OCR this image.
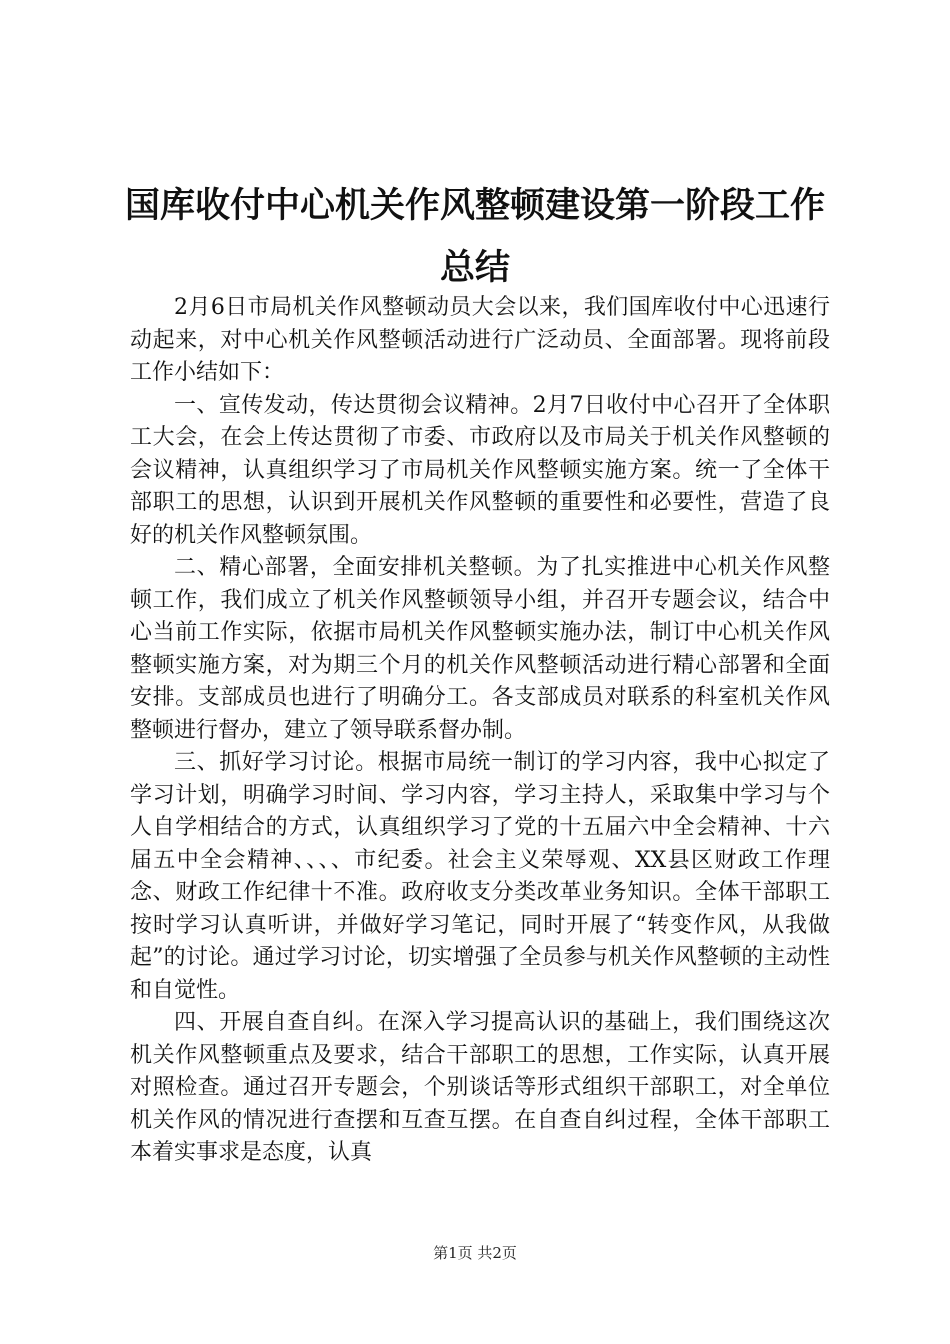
国库收付中心机关作风整顿建设第一阶段工作
总结

2月6日市局机关作风整顿动员大会以来，我们国库收付中心迅速行动起来，对中心机关作风整顿活动进行广泛动员、全面部署。现将前段工作小结如下：

一、宣传发动，传达贯彻会议精神。2月7日收付中心召开了全体职工大会，在会上传达贯彻了市委、市政府以及市局关于机关作风整顿的会议精神，认真组织学习了市局机关作风整顿实施方案。统一了全体干部职工的思想，认识到开展机关作风整顿的重要性和必要性，营造了良好的机关作风整顿氛围。

二、精心部署，全面安排机关整顿。为了扎实推进中心机关作风整顿工作，我们成立了机关作风整顿领导小组，并召开专题会议，结合中心当前工作实际，依据市局机关作风整顿实施办法，制订中心机关作风整顿实施方案，对为期三个月的机关作风整顿活动进行精心部署和全面安排。支部成员也进行了明确分工。各支部成员对联系的科室机关作风整顿进行督办，建立了领导联系督办制。

三、抓好学习讨论。根据市局统一制订的学习内容，我中心拟定了学习计划，明确学习时间、学习内容，学习主持人，采取集中学习与个人自学相结合的方式，认真组织学习了党的十五届六中全会精神、十六届五中全会精神、、、、市纪委。社会主义荣辱观、XX县区财政工作理念、财政工作纪律十不准。政府收支分类改革业务知识。全体干部职工按时学习认真听讲，并做好学习笔记，同时开展了“转变作风，从我做起”的讨论。通过学习讨论，切实增强了全员参与机关作风整顿的主动性和自觉性。

四、开展自查自纠。在深入学习提高认识的基础上，我们围绕这次机关作风整顿重点及要求，结合干部职工的思想，工作实际，认真开展对照检查。通过召开专题会，个别谈话等形式组织干部职工，对全单位机关作风的情况进行查摆和互查互摆。在自查自纠过程，全体干部职工本着实事求是态度，认真

第1页 共2页
